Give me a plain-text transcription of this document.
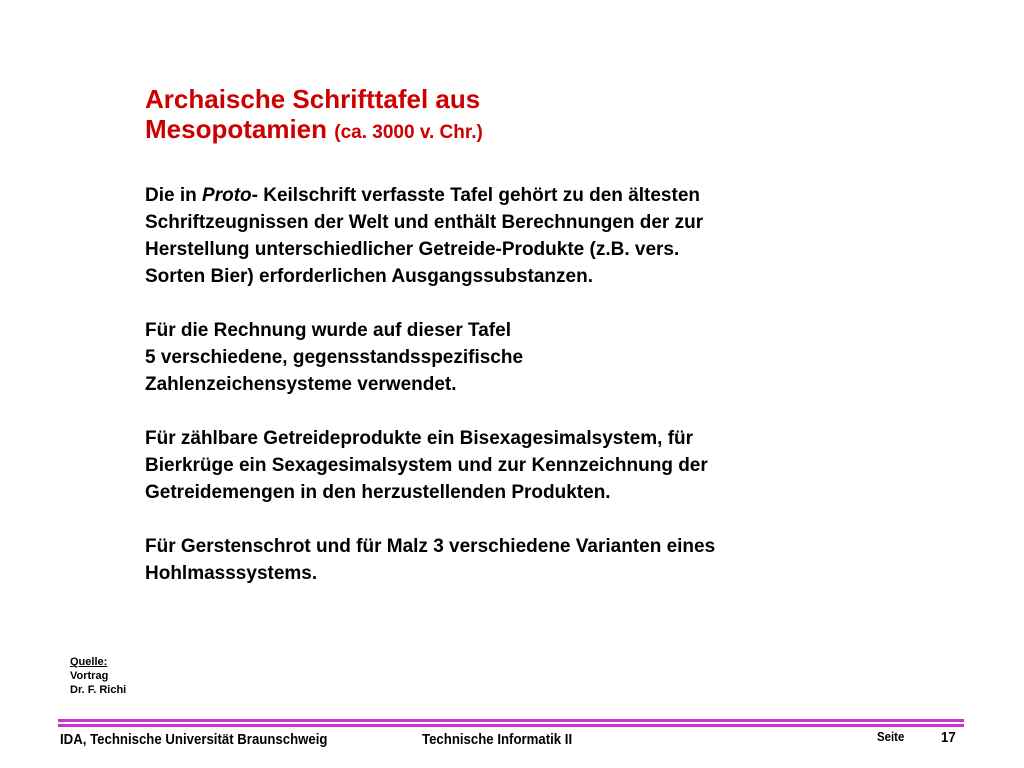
Archaische Schrifttafel aus
Mesopotamien (ca. 3000 v. Chr.)

Die in Proto- Keilschrift verfasste Tafel gehört zu den ältesten
Schriftzeugnissen der Welt und enthält Berechnungen der zur
Herstellung unterschiedlicher Getreide-Produkte (z.B. vers.
Sorten Bier) erforderlichen Ausgangssubstanzen.

Für die Rechnung wurde auf dieser Tafel
5 verschiedene, gegensstandsspezifische
Zahlenzeichensysteme verwendet.

Für zählbare Getreideprodukte ein Bisexagesimalsystem, für
Bierkrüge ein Sexagesimalsystem und zur Kennzeichnung der
Getreidemengen in den herzustellenden Produkten.

Für Gerstenschrot und für Malz 3 verschiedene Varianten eines
Hohlmasssystems.

Quelle:
Vortrag
Dr. F. Richi
IDA, Technische Universität Braunschweig	Technische Informatik II	Seite 17
